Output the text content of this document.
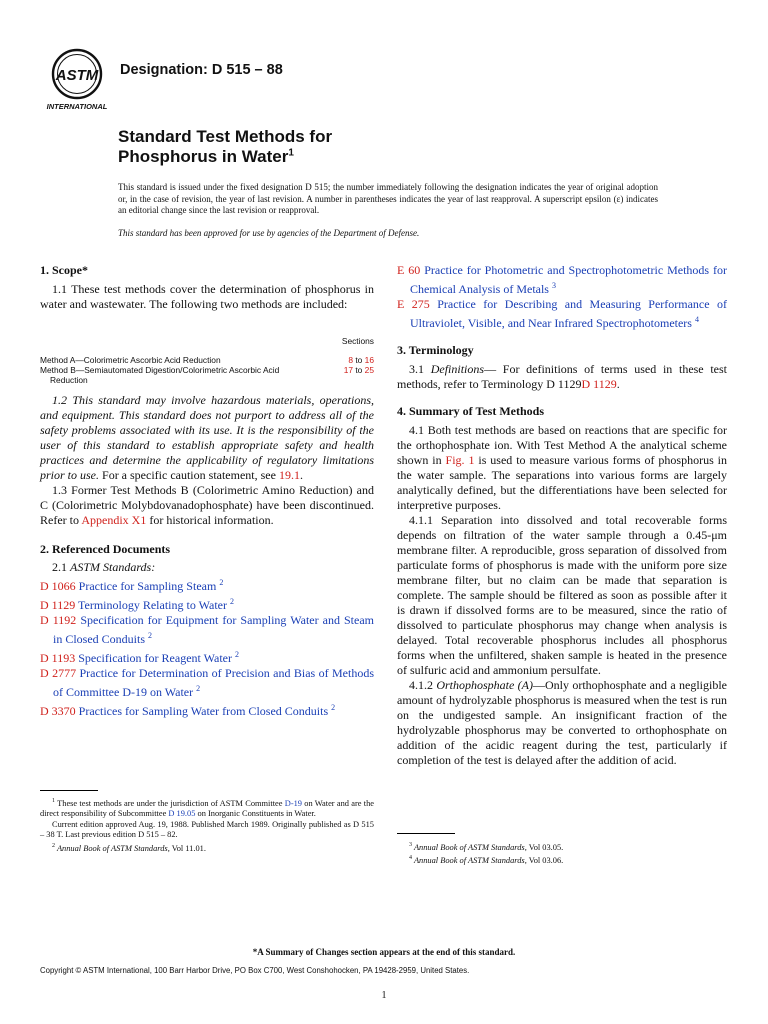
ASTM
INTERNATIONAL
Designation: D 515 – 88
Standard Test Methods for
Phosphorus in Water$^1$
This standard is issued under the fixed designation D 515; the number immediately following the designation indicates the year of original adoption or, in the case of revision, the year of last revision. A number in parentheses indicates the year of last reapproval. A superscript epsilon (ε) indicates an editorial change since the last revision or reapproval.
This standard has been approved for use by agencies of the Department of Defense.

1. Scope*

1.1 These test methods cover the determination of phosphorus in water and wastewater. The following two methods are included:

Sections
Method A—Colorimetric Ascorbic Acid Reduction	8 to 16
Method B—Semiautomated Digestion/Colorimetric Ascorbic Acid	17 to 25
Reduction

1.2 This standard may involve hazardous materials, operations, and equipment. This standard does not purport to address all of the safety problems associated with its use. It is the responsibility of the user of this standard to establish appropriate safety and health practices and determine the applicability of regulatory limitations prior to use. For a specific caution statement, see 19.1.

1.3 Former Test Methods B (Colorimetric Amino Reduction) and C (Colorimetric Molybdovanadophosphate) have been discontinued. Refer to Appendix X1 for historical information.

2. Referenced Documents

2.1 ASTM Standards:

D 1066 Practice for Sampling Steam $^2$

D 1129 Terminology Relating to Water $^2$

D 1192 Specification for Equipment for Sampling Water and Steam in Closed Conduits $^2$

D 1193 Specification for Reagent Water $^2$

D 2777 Practice for Determination of Precision and Bias of Methods of Committee D-19 on Water $^2$

D 3370 Practices for Sampling Water from Closed Conduits $^2$

$^1$ These test methods are under the jurisdiction of ASTM Committee D-19 on Water and are the direct responsibility of Subcommittee D 19.05 on Inorganic Constituents in Water.
Current edition approved Aug. 19, 1988. Published March 1989. Originally published as D 515 – 38 T. Last previous edition D 515 – 82.
$^2$ Annual Book of ASTM Standards, Vol 11.01.

E 60 Practice for Photometric and Spectrophotometric Methods for Chemical Analysis of Metals $^3$

E 275 Practice for Describing and Measuring Performance of Ultraviolet, Visible, and Near Infrared Spectrophotometers $^4$

3. Terminology

3.1 Definitions— For definitions of terms used in these test methods, refer to Terminology D 1129D 1129.

4. Summary of Test Methods

4.1 Both test methods are based on reactions that are specific for the orthophosphate ion. With Test Method A the analytical scheme shown in Fig. 1 is used to measure various forms of phosphorus in the water sample. The separations into various forms are largely analytically defined, but the differentiations have been selected for interpretive purposes.

4.1.1 Separation into dissolved and total recoverable forms depends on filtration of the water sample through a 0.45-μm membrane filter. A reproducible, gross separation of dissolved from particulate forms of phosphorus is made with the uniform pore size membrane filter, but no claim can be made that separation is complete. The sample should be filtered as soon as possible after it is drawn if dissolved forms are to be measured, since the ratio of dissolved to particulate phosphorus may change when analysis is delayed. Total recoverable phosphorus includes all phosphorus forms when the unfiltered, shaken sample is heated in the presence of sulfuric acid and ammonium persulfate.

4.1.2 Orthophosphate (A)—Only orthophosphate and a negligible amount of hydrolyzable phosphorus is measured when the test is run on the undigested sample. An insignificant fraction of the hydrolyzable phosphorus may be converted to orthophosphate on addition of the acidic reagent during the test, particularly if completion of the test is delayed after the addition of acid.

$^3$ Annual Book of ASTM Standards, Vol 03.05.
$^4$ Annual Book of ASTM Standards, Vol 03.06.
*A Summary of Changes section appears at the end of this standard.
Copyright © ASTM International, 100 Barr Harbor Drive, PO Box C700, West Conshohocken, PA 19428-2959, United States.
1
